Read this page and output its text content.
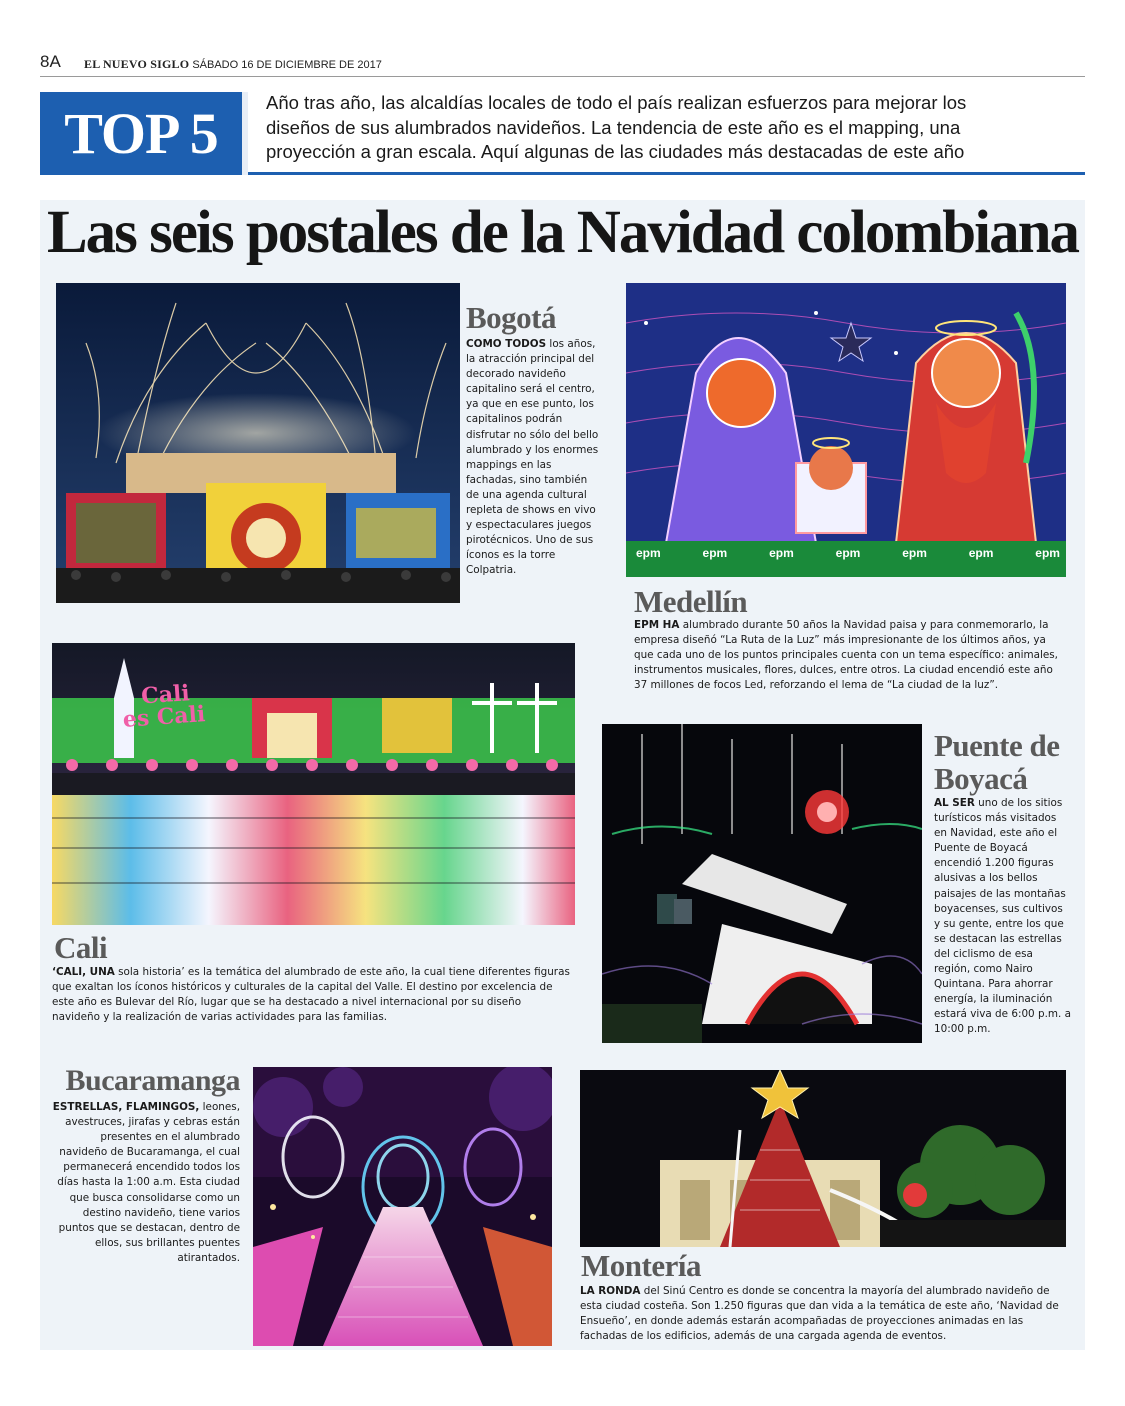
8A EL NUEVO SIGLO SÁBADO 16 DE DICIEMBRE DE 2017
TOP 5	Año tras año, las alcaldías locales de todo el país realizan esfuerzos para mejorar los diseños de sus alumbrados navideños. La tendencia de este año es el mapping, una proyección a gran escala. Aquí algunas de las ciudades más destacadas de este año
Las seis postales de la Navidad colombiana
Bogotá
COMO TODOS los años, la atracción principal del decorado navideño capitalino será el centro, ya que en ese punto, los capitalinos podrán disfrutar no sólo del bello alumbrado y los enormes mappings en las fachadas, sino también de una agenda cultural repleta de shows en vivo y espectaculares juegos pirotécnicos. Uno de sus íconos es la torre Colpatria.
epm	epm	epm	epm	epm	epm	epm
Medellín
EPM HA alumbrado durante 50 años la Navidad paisa y para conmemorarlo, la empresa diseñó “La Ruta de la Luz” más impresionante de los últimos años, ya que cada uno de los puntos principales cuenta con un tema específico: animales, instrumentos musicales, flores, dulces, entre otros. La ciudad encendió este año 37 millones de focos Led, reforzando el lema de “La ciudad de la luz”.
Cali
es Cali
Cali
‘CALI, UNA sola historia’ es la temática del alumbrado de este año, la cual tiene diferentes figuras que exaltan los íconos históricos y culturales de la capital del Valle. El destino por excelencia de este año es Bulevar del Río, lugar que se ha destacado a nivel internacional por su diseño navideño y la realización de varias actividades para las familias.
Puente de
Boyacá
AL SER uno de los sitios turísticos más visitados en Navidad, este año el Puente de Boyacá encendió 1.200 figuras alusivas a los bellos paisajes de las montañas boyacenses, sus cultivos y su gente, entre los que se destacan las estrellas del ciclismo de esa región, como Nairo Quintana. Para ahorrar energía, la iluminación estará viva de 6:00 p.m. a 10:00 p.m.
Bucaramanga
ESTRELLAS, FLAMINGOS, leones, avestruces, jirafas y cebras están presentes en el alumbrado navideño de Bucaramanga, el cual permanecerá encendido todos los días hasta la 1:00 a.m. Esta ciudad que busca consolidarse como un destino navideño, tiene varios puntos que se destacan, dentro de ellos, sus brillantes puentes atirantados.	Montería
LA RONDA del Sinú Centro es donde se concentra la mayoría del alumbrado navideño de esta ciudad costeña. Son 1.250 figuras que dan vida a la temática de este año, ‘Navidad de Ensueño’, en donde además estarán acompañadas de proyecciones animadas en las fachadas de los edificios, además de una cargada agenda de eventos.
